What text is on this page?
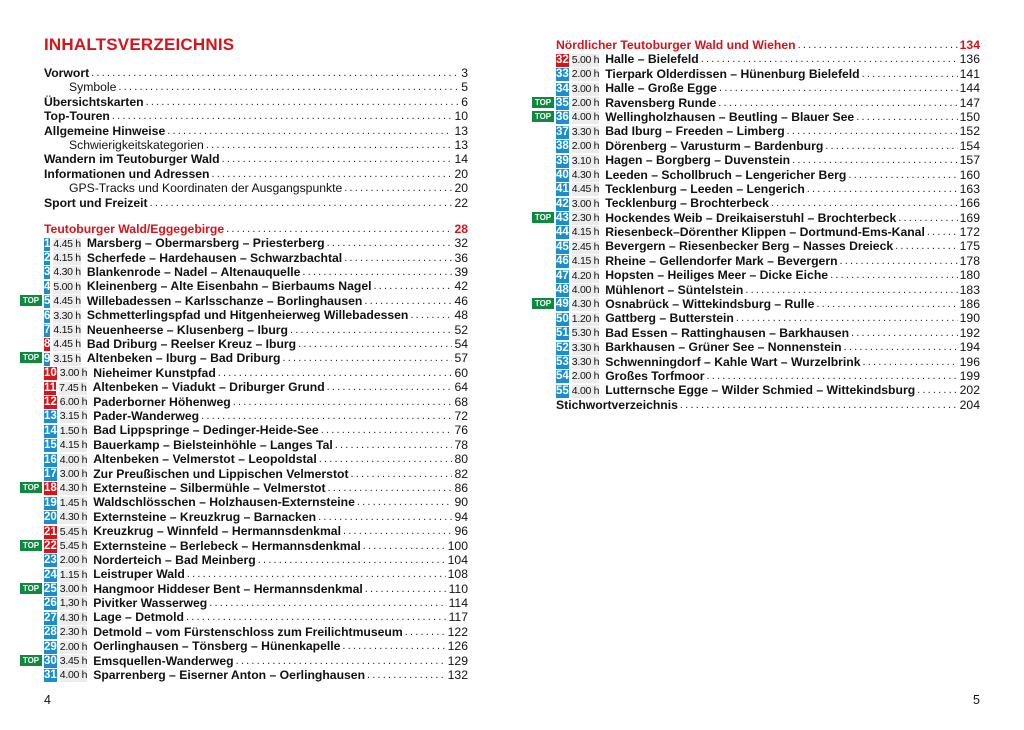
INHALTSVERZEICHNIS
Vorwort .....	3
Symbole .....	5
Übersichtskarten .....	6
Top-Touren .....	10
Allgemeine Hinweise .....	13
Schwierigkeitskategorien .....	13
Wandern im Teutoburger Wald .....	14
Informationen und Adressen .....	20
GPS-Tracks und Koordinaten der Ausgangspunkte .....	20
Sport und Freizeit .....	22
Teutoburger Wald/Eggegebirge .....	28
1 4.45 h Marsberg – Obermarsberg – Priesterberg .....	32
2 4.15 h Scherfede – Hardehausen – Schwarzbachtal .....	36
3 4.30 h Blankenrode – Nadel – Altenauquelle .....	39
4 5.00 h Kleinenberg – Alte Eisenbahn – Bierbaums Nagel .....	42
TOP 5 4.45 h Willebadessen – Karlsschanze – Borlinghausen .....	46
6 3.30 h Schmetterlingspfad und Hitgenheierweg Willebadessen .....	48
7 4.15 h Neuenheerse – Klusenberg – Iburg .....	52
8 4.45 h Bad Driburg – Reelser Kreuz – Iburg .....	54
TOP 9 3.15 h Altenbeken – Iburg – Bad Driburg .....	57
10 3.00 h Nieheimer Kunstpfad .....	60
11 7.45 h Altenbeken – Viadukt – Driburger Grund .....	64
12 6.00 h Paderborner Höhenweg .....	68
13 3.15 h Pader-Wanderweg .....	72
14 1.50 h Bad Lippspringe – Dedinger-Heide-See .....	76
15 4.15 h Bauerkamp – Bielsteinhöhle – Langes Tal .....	78
16 4.00 h Altenbeken – Velmerstot – Leopoldstal .....	80
17 3.00 h Zur Preußischen und Lippischen Velmerstot .....	82
TOP 18 4.30 h Externsteine – Silbermühle – Velmerstot .....	86
19 1.45 h Waldschlösschen – Holzhausen-Externsteine .....	90
20 4.30 h Externsteine – Kreuzkrug – Barnacken .....	94
21 5.45 h Kreuzkrug – Winnfeld – Hermannsdenkmal .....	96
TOP 22 5.45 h Externsteine – Berlebeck – Hermannsdenkmal .....	100
23 2.00 h Norderteich – Bad Meinberg .....	104
24 1.15 h Leistruper Wald .....	108
TOP 25 3.00 h Hangmoor Hiddeser Bent – Hermannsdenkmal .....	110
26 1,30 h Pivitker Wasserweg .....	114
27 4.30 h Lage – Detmold .....	117
28 2.30 h Detmold – vom Fürstenschloss zum Freilichtmuseum .....	122
29 2.00 h Oerlinghausen – Tönsberg – Hünenkapelle .....	126
TOP 30 3.45 h Emsquellen-Wanderweg .....	129
31 4.00 h Sparrenberg – Eiserner Anton – Oerlinghausen .....	132
4
Nördlicher Teutoburger Wald und Wiehen .....	134
32 5.00 h Halle – Bielefeld .....	136
33 2.00 h Tierpark Olderdissen – Hünenburg Bielefeld .....	141
34 3.00 h Halle – Große Egge .....	144
TOP 35 2.00 h Ravensberg Runde .....	147
TOP 36 4.00 h Wellingholzhausen – Beutling – Blauer See .....	150
37 3.30 h Bad Iburg – Freeden – Limberg .....	152
38 2.00 h Dörenberg – Varusturm – Bardenburg .....	154
39 3.10 h Hagen – Borgberg – Duvenstein .....	157
40 4.30 h Leeden – Schollbruch – Lengericher Berg .....	160
41 4.45 h Tecklenburg – Leeden – Lengerich .....	163
42 3.00 h Tecklenburg – Brochterbeck .....	166
TOP 43 2.30 h Hockendes Weib – Dreikaiserstuhl – Brochterbeck .....	169
44 4.15 h Riesenbeck–Dörenther Klippen – Dortmund-Ems-Kanal .....	172
45 2.45 h Bevergern – Riesenbecker Berg – Nasses Dreieck .....	175
46 4.15 h Rheine – Gellendorfer Mark – Bevergern .....	178
47 4.20 h Hopsten – Heiliges Meer – Dicke Eiche .....	180
48 4.00 h Mühlenort – Süntelstein .....	183
TOP 49 4.30 h Osnabrück – Wittekindsburg – Rulle .....	186
50 1.20 h Gattberg – Butterstein .....	190
51 5.30 h Bad Essen – Rattinghausen – Barkhausen .....	192
52 3.30 h Barkhausen – Grüner See – Nonnenstein .....	194
53 3.30 h Schwenningdorf – Kahle Wart – Wurzelbrink .....	196
54 2.00 h Großes Torfmoor .....	199
55 4.00 h Lutternsche Egge – Wilder Schmied – Wittekindsburg .....	202
Stichwortverzeichnis .....	204
5
